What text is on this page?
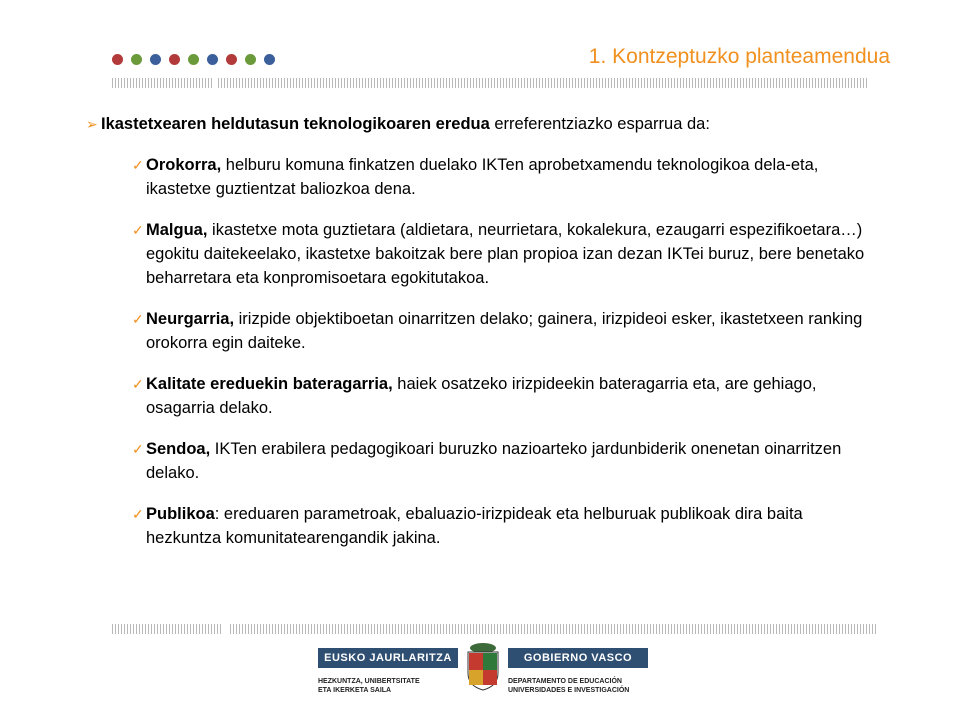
1. Kontzeptuzko planteamendua

➢ Ikastetxearen heldutasun teknologikoaren eredua erreferentziazko esparrua da:

✓ Orokorra, helburu komuna finkatzen duelako IKTen aprobetxamendu teknologikoa dela-eta, ikastetxe guztientzat baliozkoa dena.
✓ Malgua, ikastetxe mota guztietara (aldietara, neurrietara, kokalekura, ezaugarri espezifikoetara…) egokitu daitekeelako, ikastetxe bakoitzak bere plan propioa izan dezan IKTei buruz, bere benetako beharretara eta konpromisoetara egokitutakoa.
✓ Neurgarria, irizpide objektiboetan oinarritzen delako; gainera, irizpideoi esker, ikastetxeen ranking orokorra egin daiteke.
✓ Kalitate ereduekin bateragarria, haiek osatzeko irizpideekin bateragarria eta, are gehiago, osagarria delako.
✓ Sendoa, IKTen erabilera pedagogikoari buruzko nazioarteko jardunbiderik onenetan oinarritzen delako.
✓ Publikoa: ereduaren parametroak, ebaluazio-irizpideak eta helburuak publikoak dira baita hezkuntza komunitatearengandik jakina.
EUSKO JAURLARITZA	GOBIERNO VASCO
HEZKUNTZA, UNIBERTSITATE
ETA IKERKETA SAILA
DEPARTAMENTO DE EDUCACIÓN
UNIVERSIDADES E INVESTIGACIÓN
